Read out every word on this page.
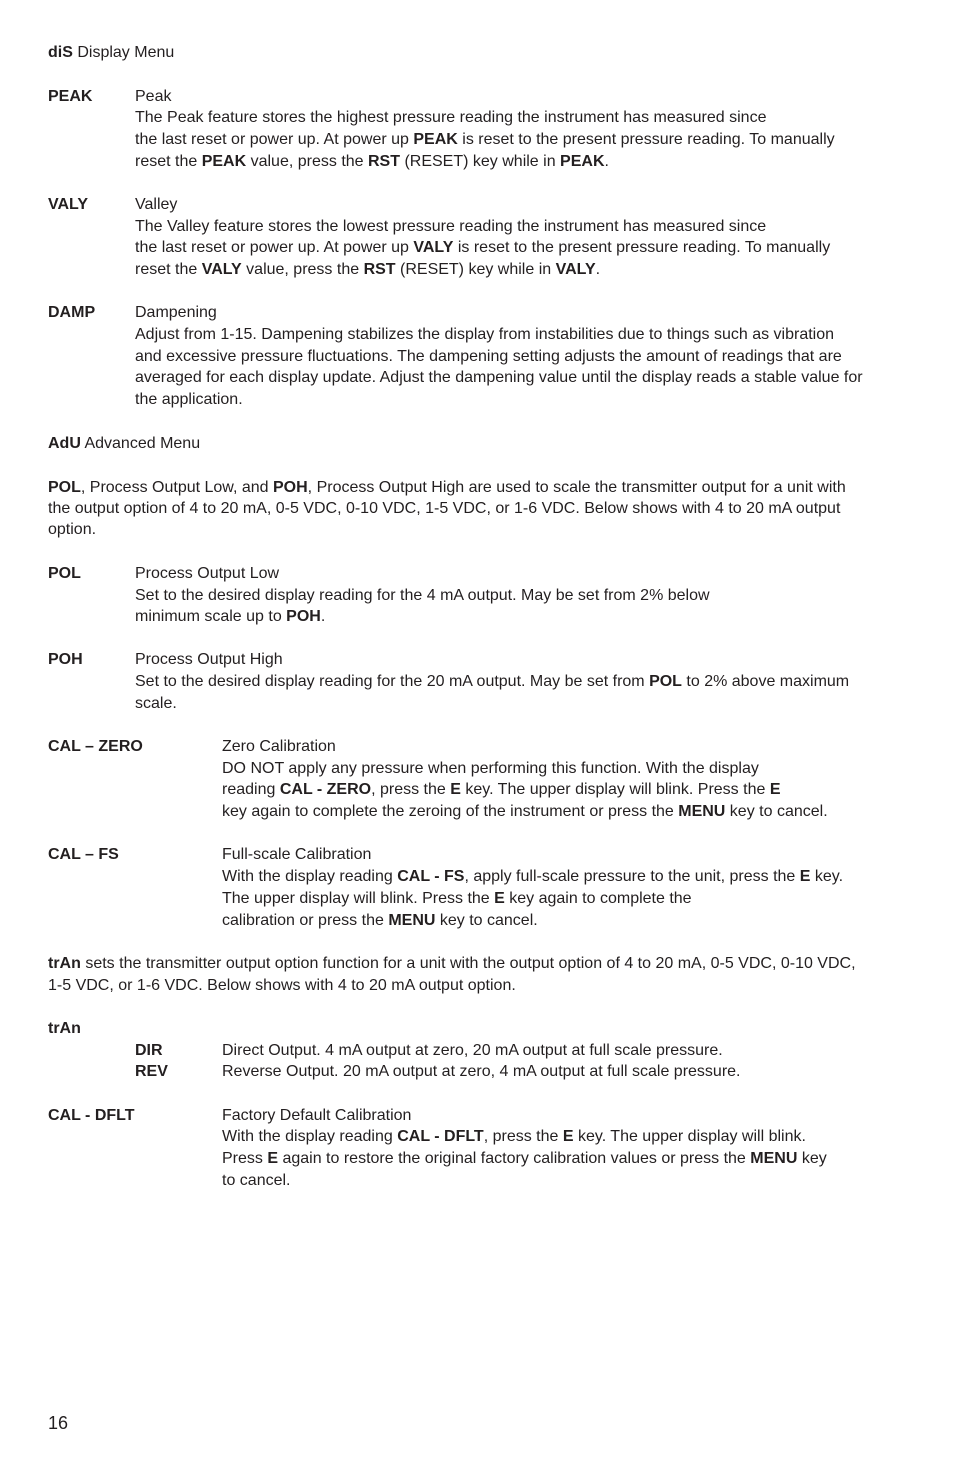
diS Display Menu
PEAK	Peak
The Peak feature stores the highest pressure reading the instrument has measured since
the last reset or power up. At power up PEAK is reset to the present pressure reading. To manually
reset the PEAK value, press the RST (RESET) key while in PEAK.
VALY	Valley
The Valley feature stores the lowest pressure reading the instrument has measured since
the last reset or power up. At power up VALY is reset to the present pressure reading. To manually
reset the VALY value, press the RST (RESET) key while in VALY.
DAMP Dampening
Adjust from 1-15. Dampening stabilizes the display from instabilities due to things such as vibration
and excessive pressure fluctuations. The dampening setting adjusts the amount of readings that are
averaged for each display update. Adjust the dampening value until the display reads a stable value for
the application.
AdU Advanced Menu
POL, Process Output Low, and POH, Process Output High are used to scale the transmitter output for a unit with
the output option of 4 to 20 mA, 0-5 VDC, 0-10 VDC, 1-5 VDC, or 1-6 VDC. Below shows with 4 to 20 mA output
option.
POL	Process Output Low
Set to the desired display reading for the 4 mA output. May be set from 2% below
minimum scale up to POH.
POH	Process Output High
Set to the desired display reading for the 20 mA output. May be set from POL to 2% above maximum
scale.
CAL – ZERO	Zero Calibration
DO NOT apply any pressure when performing this function. With the display
reading CAL - ZERO, press the E key. The upper display will blink. Press the E
key again to complete the zeroing of the instrument or press the MENU key to cancel.
CAL – FS	Full-scale Calibration
With the display reading CAL - FS, apply full-scale pressure to the unit, press the E key.
The upper display will blink. Press the E key again to complete the
calibration or press the MENU key to cancel.
trAn sets the transmitter output option function for a unit with the output option of 4 to 20 mA, 0-5 VDC, 0-10 VDC,
1-5 VDC, or 1-6 VDC. Below shows with 4 to 20 mA output option.
trAn
DIR	Direct Output. 4 mA output at zero, 20 mA output at full scale pressure.
REV	Reverse Output. 20 mA output at zero, 4 mA output at full scale pressure.
CAL - DFLT	Factory Default Calibration
With the display reading CAL - DFLT, press the E key. The upper display will blink.
Press E again to restore the original factory calibration values or press the MENU key
to cancel.
16
